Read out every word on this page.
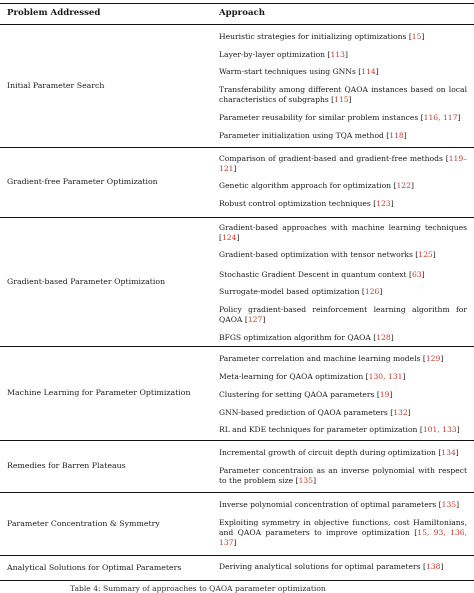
Problem Addressed	Approach
Initial Parameter Search
Heuristic strategies for initializing optimizations [15]
Layer-by-layer optimization [113]
Warm-start techniques using GNNs [114]
Transferability among different QAOA instances based on local characteristics of subgraphs [115]
Parameter reusability for similar problem instances [116, 117]
Parameter initialization using TQA method [118]
Gradient-free Parameter Optimization
Comparison of gradient-based and gradient-free methods [119–121]
Genetic algorithm approach for optimization [122]
Robust control optimization techniques [123]
Gradient-based Parameter Optimization
Gradient-based approaches with machine learning techniques [124]
Gradient-based optimization with tensor networks [125]
Stochastic Gradient Descent in quantum context [63]
Surrogate-model based optimization [126]
Policy gradient-based reinforcement learning algorithm for QAOA [127]
BFGS optimization algorithm for QAOA [128]
Machine Learning for Parameter Optimization
Parameter correlation and machine learning models [129]
Meta-learning for QAOA optimization [130, 131]
Clustering for setting QAOA parameters [19]
GNN-based prediction of QAOA parameters [132]
RL and KDE techniques for parameter optimization [101, 133]
Remedies for Barren Plateaus
Incremental growth of circuit depth during optimization [134]
Parameter concentraion as an inverse polynomial with respect to the problem size [135]
Parameter Concentration & Symmetry
Inverse polynomial concentration of optimal parameters [135]
Exploiting symmetry in objective functions, cost Hamiltonians, and QAOA parameters to improve optimization [15, 93, 136, 137]
Analytical Solutions for Optimal Parameters	Deriving analytical solutions for optimal parameters [138]
Table 4: Summary of approaches to QAOA parameter optimization
